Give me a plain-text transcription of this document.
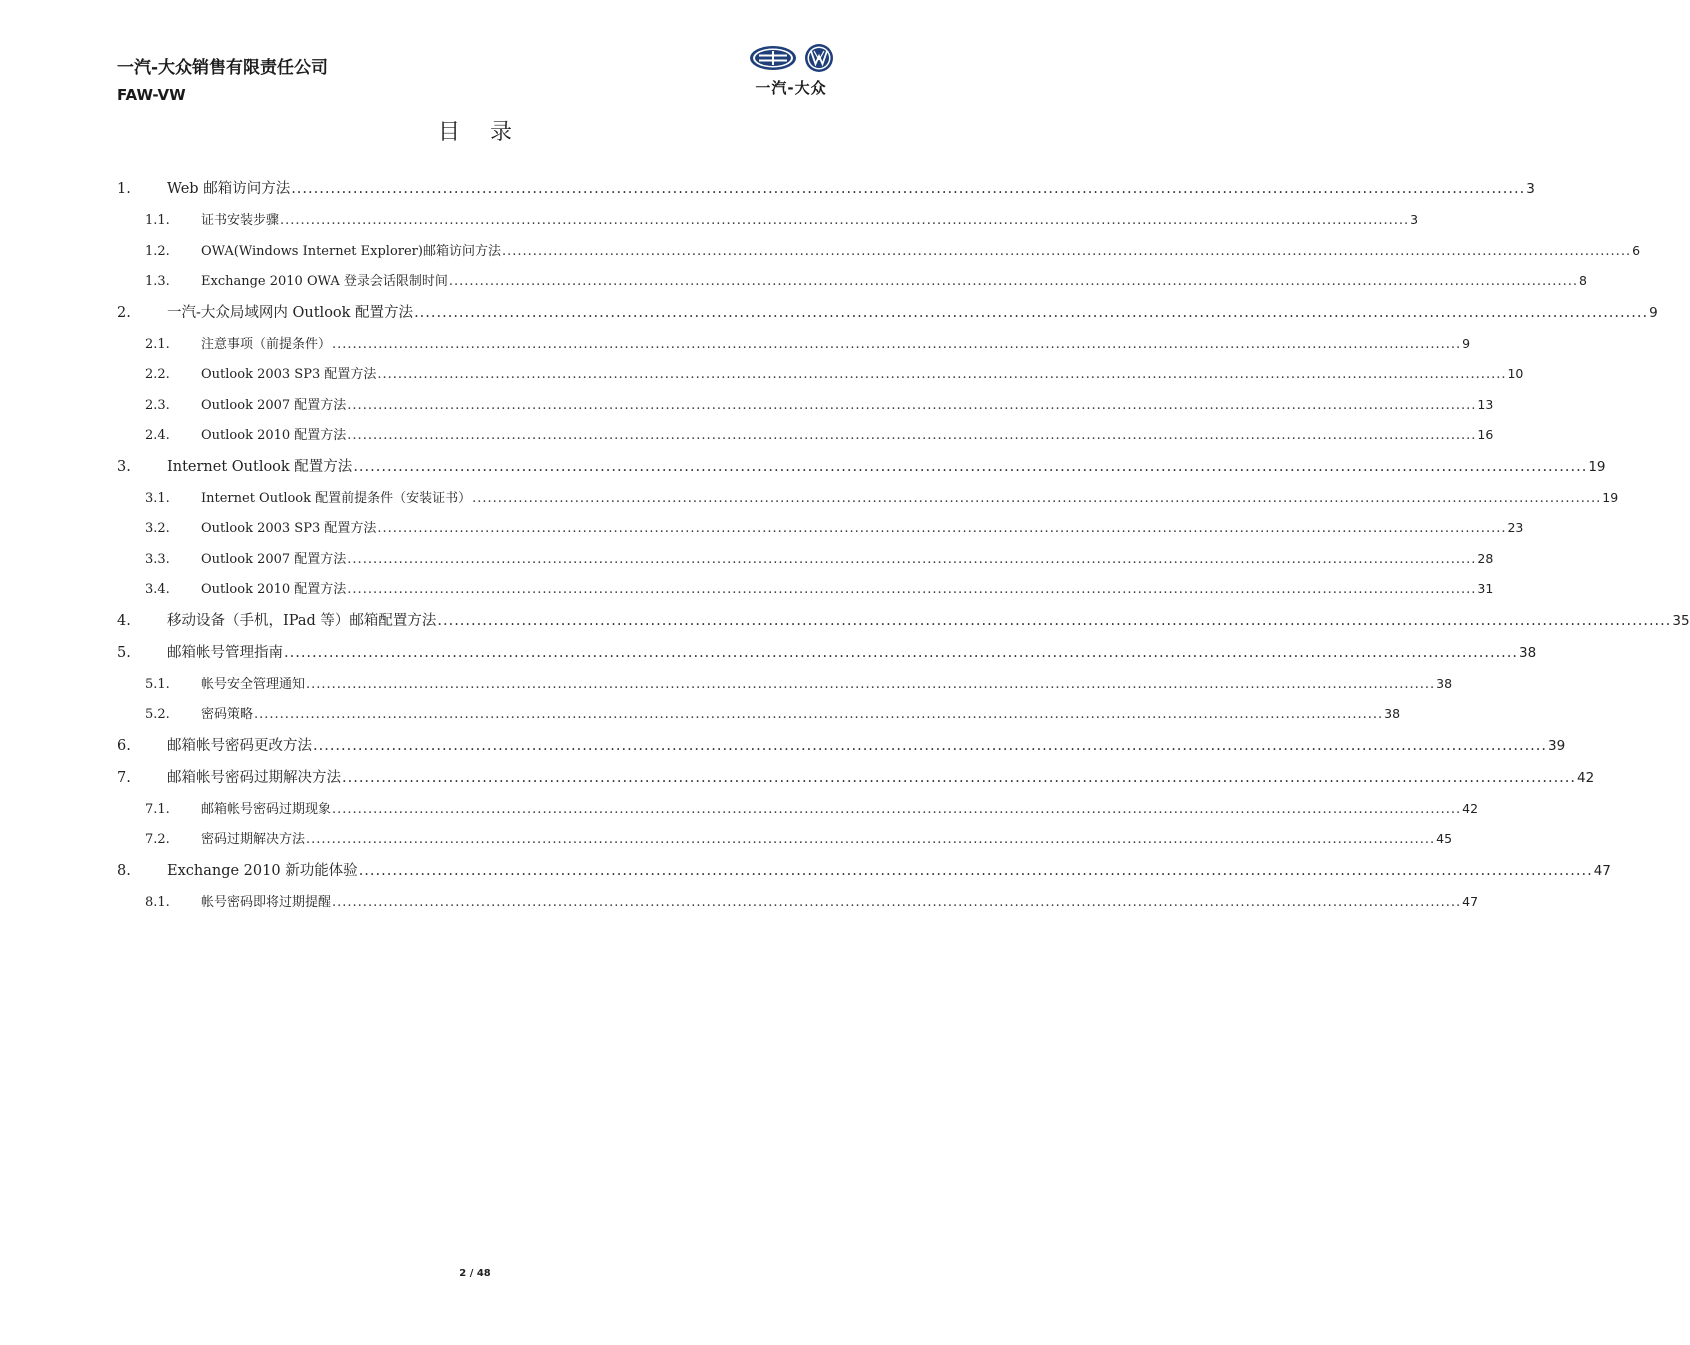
一汽-大众销售有限责任公司
FAW-VW	一汽-大众
目录
1.	Web 邮箱访问方法 ............................................................................................................................................................................................................................ 3
1.1.	证书安装步骤 ............................................................................................................................................................................................................................ 3
1.2.	OWA(Windows Internet Explorer)邮箱访问方法 ............................................................................................................................................................................................................................ 6
1.3.	Exchange 2010 OWA 登录会话限制时间 ............................................................................................................................................................................................................................ 8
2.	一汽-大众局域网内 Outlook 配置方法 ............................................................................................................................................................................................................................ 9
2.1.	注意事项（前提条件） ............................................................................................................................................................................................................................ 9
2.2.	Outlook 2003 SP3 配置方法 ............................................................................................................................................................................................................................ 10
2.3.	Outlook 2007 配置方法 ............................................................................................................................................................................................................................ 13
2.4.	Outlook 2010 配置方法 ............................................................................................................................................................................................................................ 16
3.	Internet Outlook 配置方法 ............................................................................................................................................................................................................................ 19
3.1.	Internet Outlook 配置前提条件（安装证书） ............................................................................................................................................................................................................................ 19
3.2.	Outlook 2003 SP3 配置方法 ............................................................................................................................................................................................................................ 23
3.3.	Outlook 2007 配置方法 ............................................................................................................................................................................................................................ 28
3.4.	Outlook 2010 配置方法 ............................................................................................................................................................................................................................ 31
4.	移动设备（手机，IPad 等）邮箱配置方法 ............................................................................................................................................................................................................................ 35
5.	邮箱帐号管理指南 ............................................................................................................................................................................................................................ 38
5.1.	帐号安全管理通知 ............................................................................................................................................................................................................................ 38
5.2.	密码策略 ............................................................................................................................................................................................................................ 38
6.	邮箱帐号密码更改方法 ............................................................................................................................................................................................................................ 39
7.	邮箱帐号密码过期解决方法 ............................................................................................................................................................................................................................ 42
7.1.	邮箱帐号密码过期现象 ............................................................................................................................................................................................................................ 42
7.2.	密码过期解决方法 ............................................................................................................................................................................................................................ 45
8.	Exchange 2010 新功能体验 ............................................................................................................................................................................................................................ 47
8.1.	帐号密码即将过期提醒 ............................................................................................................................................................................................................................ 47
2 / 48
